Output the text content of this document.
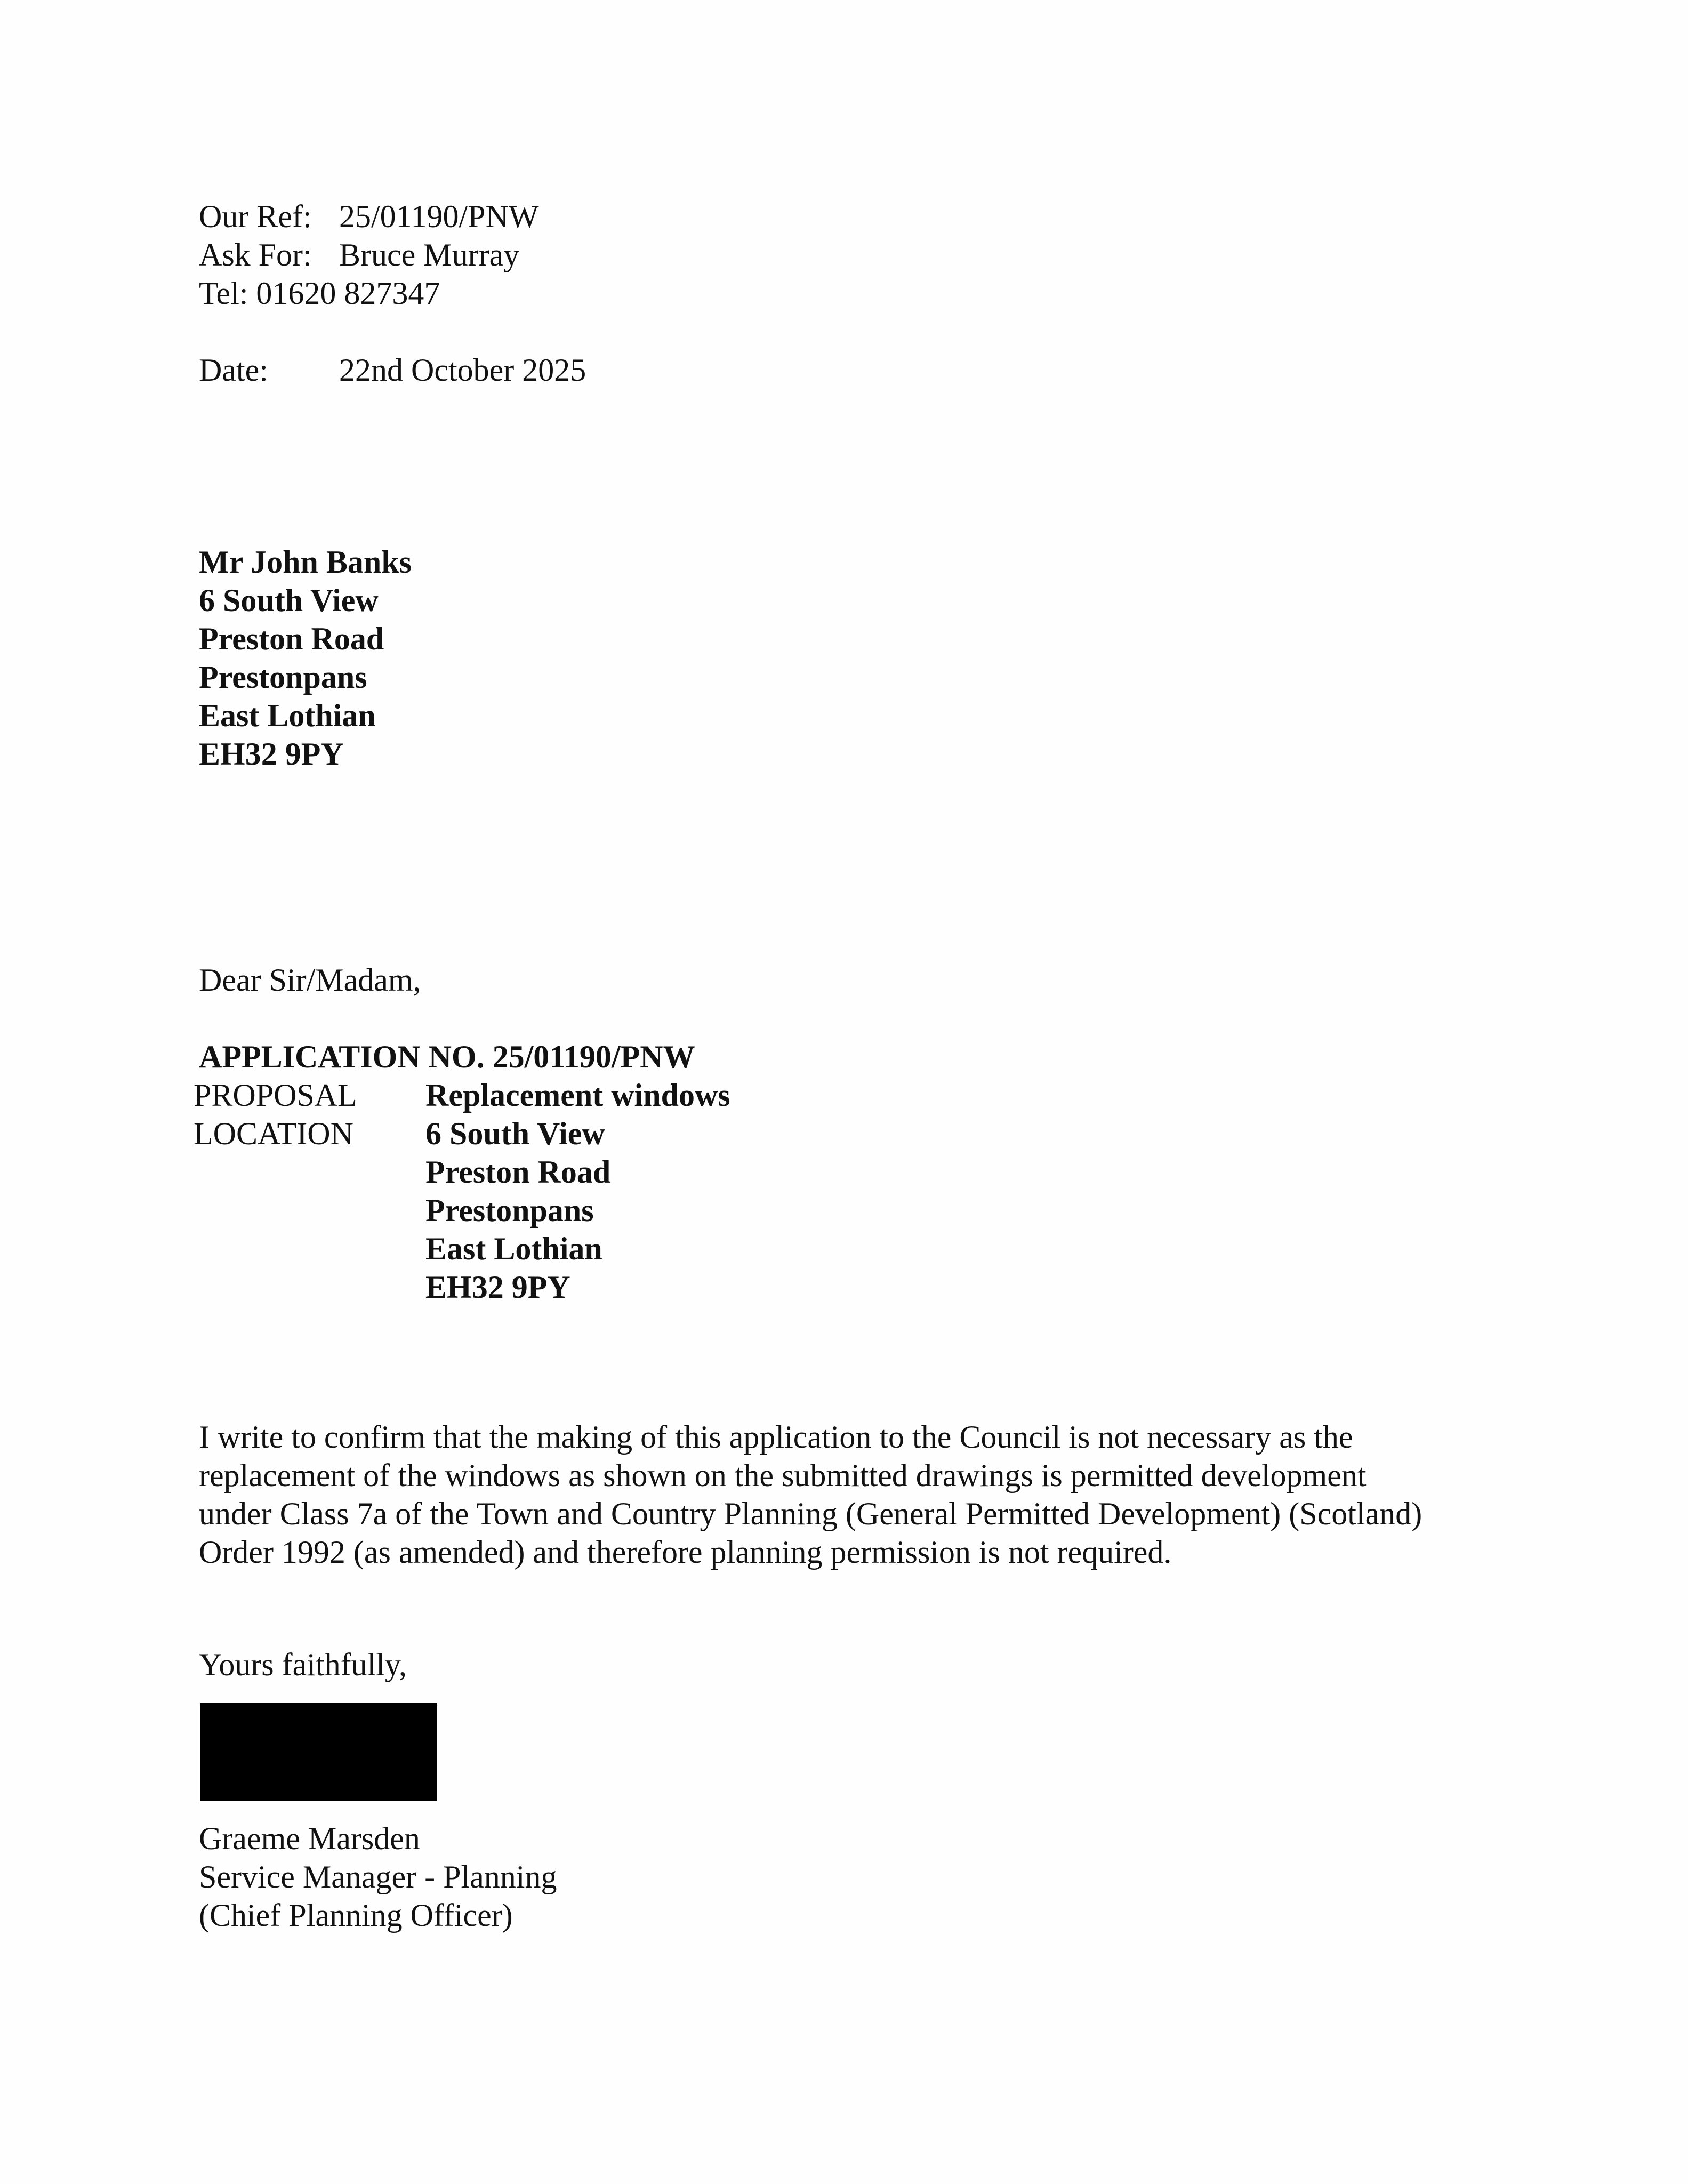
Our Ref: 25/01190/PNW
Ask For: Bruce Murray
Tel: 01620 827347
Date: 22nd October 2025
Mr John Banks
6 South View
Preston Road
Prestonpans
East Lothian
EH32 9PY
Dear Sir/Madam,
APPLICATION NO. 25/01190/PNW
PROPOSAL Replacement windows
LOCATION 6 South View
Preston Road
Prestonpans
East Lothian
EH32 9PY
I write to confirm that the making of this application to the Council is not necessary as the
replacement of the windows as shown on the submitted drawings is permitted development
under Class 7a of the Town and Country Planning (General Permitted Development) (Scotland)
Order 1992 (as amended) and therefore planning permission is not required.
Yours faithfully,
Graeme Marsden
Service Manager - Planning
(Chief Planning Officer)
